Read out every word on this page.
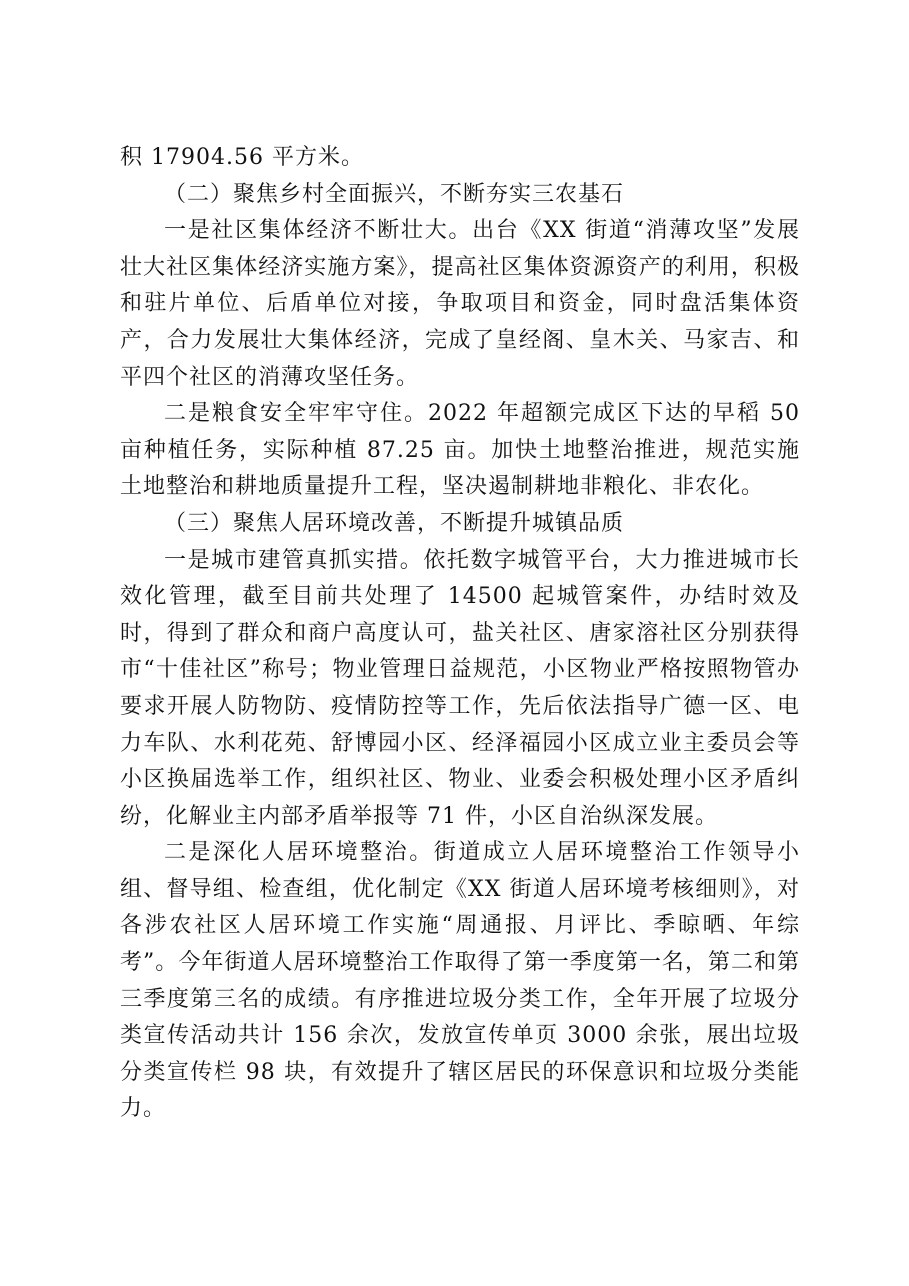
积 17904.56 平方米。

（二）聚焦乡村全面振兴，不断夯实三农基石

一是社区集体经济不断壮大。出台《XX 街道“消薄攻坚”发展壮大社区集体经济实施方案》，提高社区集体资源资产的利用，积极和驻片单位、后盾单位对接，争取项目和资金，同时盘活集体资产，合力发展壮大集体经济，完成了皇经阁、皇木关、马家吉、和平四个社区的消薄攻坚任务。

二是粮食安全牢牢守住。2022 年超额完成区下达的早稻 50 亩种植任务，实际种植 87.25 亩。加快土地整治推进，规范实施土地整治和耕地质量提升工程，坚决遏制耕地非粮化、非农化。

（三）聚焦人居环境改善，不断提升城镇品质

一是城市建管真抓实措。依托数字城管平台，大力推进城市长效化管理，截至目前共处理了 14500 起城管案件，办结时效及时，得到了群众和商户高度认可，盐关社区、唐家溶社区分别获得市“十佳社区”称号；物业管理日益规范，小区物业严格按照物管办要求开展人防物防、疫情防控等工作，先后依法指导广德一区、电力车队、水利花苑、舒博园小区、经泽福园小区成立业主委员会等小区换届选举工作，组织社区、物业、业委会积极处理小区矛盾纠纷，化解业主内部矛盾举报等 71 件，小区自治纵深发展。

二是深化人居环境整治。街道成立人居环境整治工作领导小组、督导组、检查组，优化制定《XX 街道人居环境考核细则》，对各涉农社区人居环境工作实施“周通报、月评比、季晾晒、年综考”。今年街道人居环境整治工作取得了第一季度第一名，第二和第三季度第三名的成绩。有序推进垃圾分类工作，全年开展了垃圾分类宣传活动共计 156 余次，发放宣传单页 3000 余张，展出垃圾分类宣传栏 98 块，有效提升了辖区居民的环保意识和垃圾分类能力。
